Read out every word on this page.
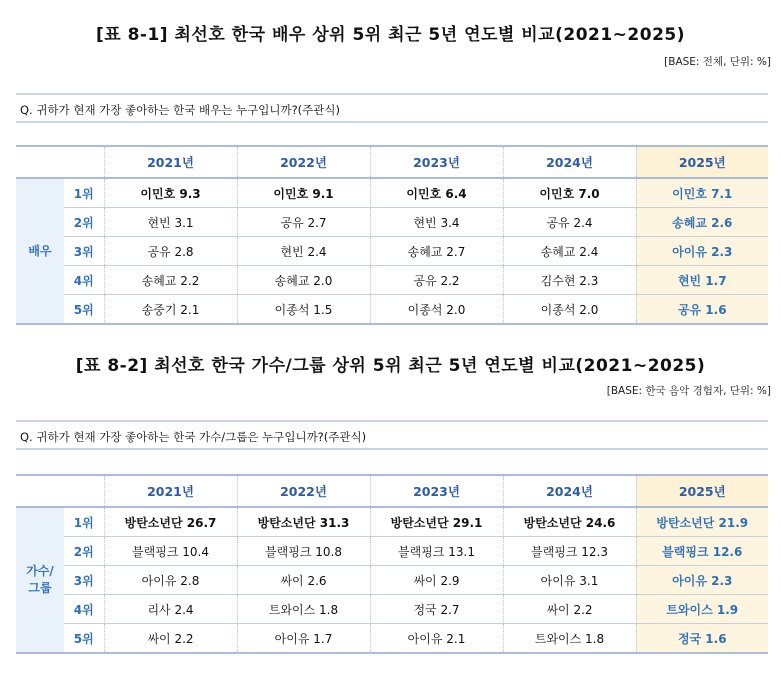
[표 8-1] 최선호 한국 배우 상위 5위 최근 5년 연도별 비교(2021~2025)
[BASE: 전체, 단위: %]
Q. 귀하가 현재 가장 좋아하는 한국 배우는 누구입니까?(주관식)
		2021년	2022년	2023년	2024년	2025년
배우	1위	이민호 9.3	이민호 9.1	이민호 6.4	이민호 7.0	이민호 7.1
	2위	현빈 3.1	공유 2.7	현빈 3.4	공유 2.4	송혜교 2.6
	3위	공유 2.8	현빈 2.4	송혜교 2.7	송혜교 2.4	아이유 2.3
	4위	송혜교 2.2	송혜교 2.0	공유 2.2	김수현 2.3	현빈 1.7
	5위	송중기 2.1	이종석 1.5	이종석 2.0	이종석 2.0	공유 1.6
[표 8-2] 최선호 한국 가수/그룹 상위 5위 최근 5년 연도별 비교(2021~2025)
[BASE: 한국 음악 경험자, 단위: %]
Q. 귀하가 현재 가장 좋아하는 한국 가수/그룹은 누구입니까?(주관식)
		2021년	2022년	2023년	2024년	2025년
가수/
그룹	1위	방탄소년단 26.7	방탄소년단 31.3	방탄소년단 29.1	방탄소년단 24.6	방탄소년단 21.9
	2위	블랙핑크 10.4	블랙핑크 10.8	블랙핑크 13.1	블랙핑크 12.3	블랙핑크 12.6
	3위	아이유 2.8	싸이 2.6	싸이 2.9	아이유 3.1	아이유 2.3
	4위	리사 2.4	트와이스 1.8	정국 2.7	싸이 2.2	트와이스 1.9
	5위	싸이 2.2	아이유 1.7	아이유 2.1	트와이스 1.8	정국 1.6
